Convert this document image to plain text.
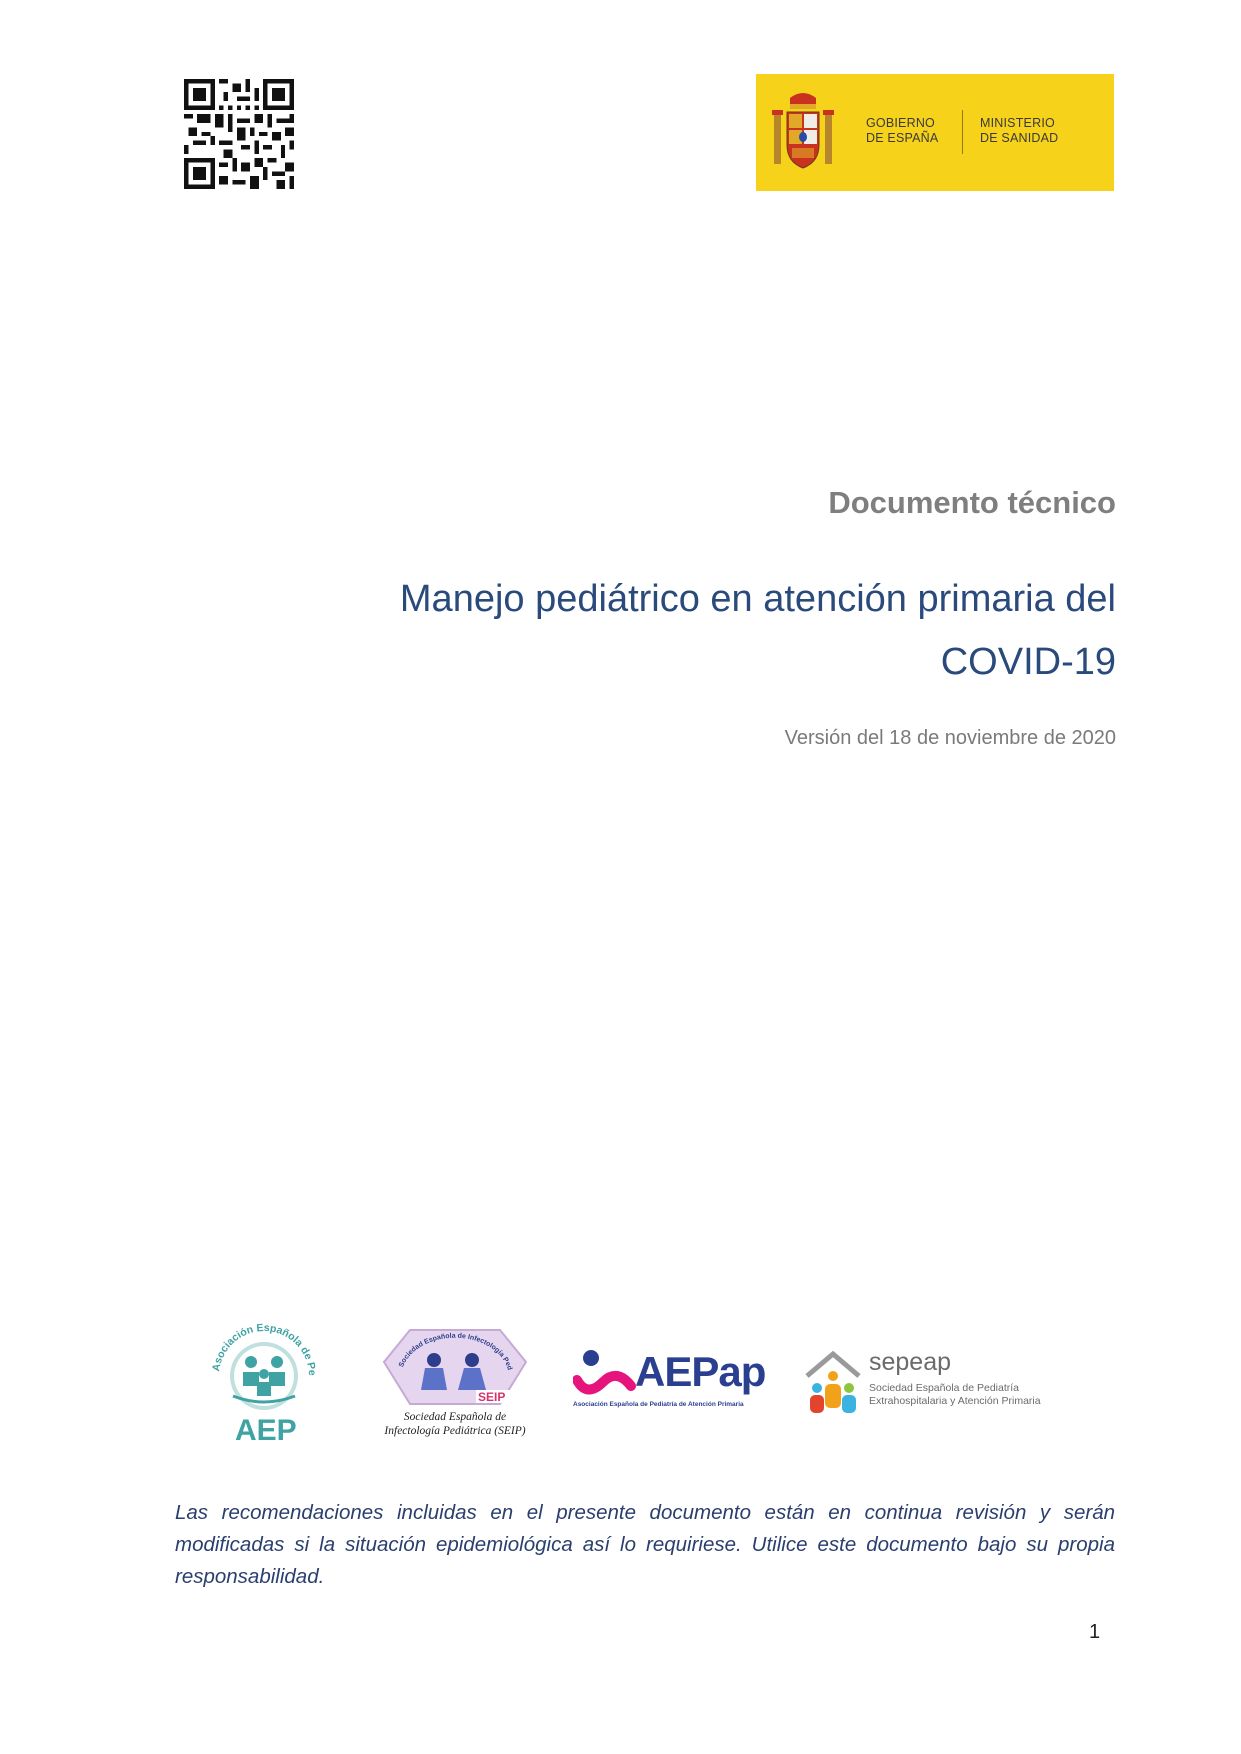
GOBIERNO
DE ESPAÑA
MINISTERIO
DE SANIDAD
Documento técnico
Manejo pediátrico en atención primaria del
COVID-19
Versión del 18 de noviembre de 2020
Asociación Española de Pe
AEP
Sociedad Española de Infectología Ped
SEIP
Sociedad Española de
Infectología Pediátrica (SEIP)
AEPap
Asociación Española de Pediatría de Atención Primaria
sepeap
Sociedad Española de Pediatría
Extrahospitalaria y Atención Primaria
Las recomendaciones incluidas en el presente documento están en continua revisión y serán modificadas si la situación epidemiológica así lo requiriese. Utilice este documento bajo su propia responsabilidad.
1
